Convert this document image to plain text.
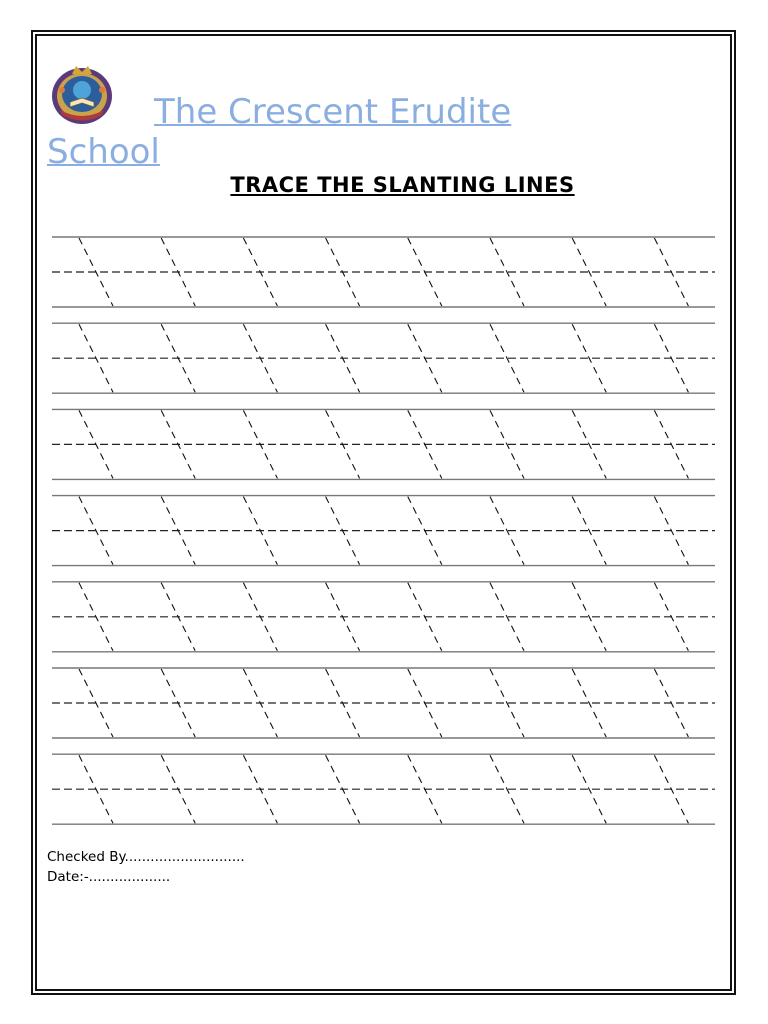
The Crescent Erudite
School
TRACE THE SLANTING LINES
Checked By............................
Date:-...................
